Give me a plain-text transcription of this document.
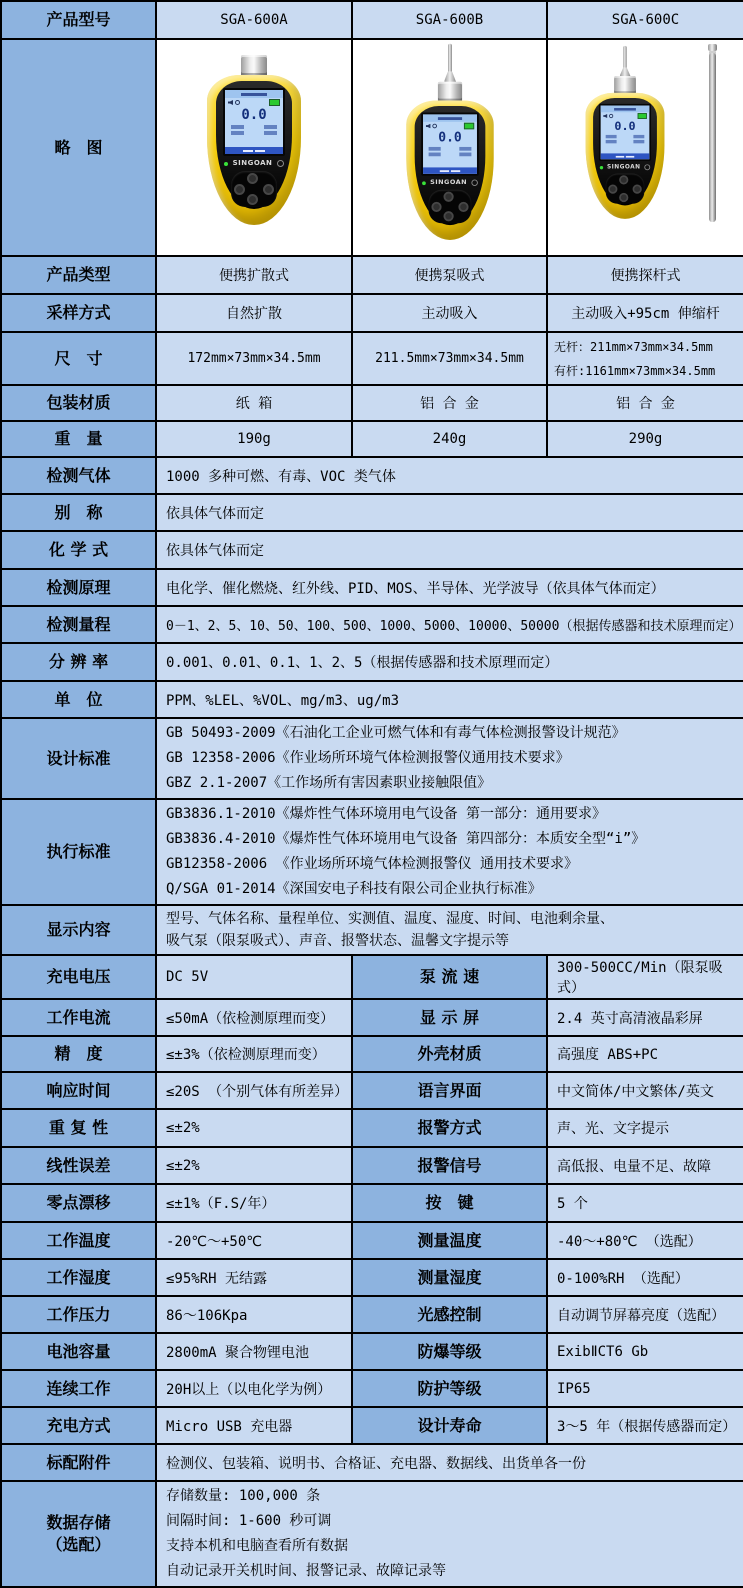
产品型号	SGA-600A	SGA-600B	SGA-600C
略　图	
0.0
SINGOAN

0.0
SINGOAN

0.0
SINGOAN

产品类型	便携扩散式	便携泵吸式	便携探杆式
采样方式	自然扩散	主动吸入	主动吸入+95cm 伸缩杆
尺　寸	172mm×73mm×34.5mm	211.5mm×73mm×34.5mm	无杆：211mm×73mm×34.5mm
有杆:1161mm×73mm×34.5mm

包装材质	纸 箱	铝 合 金	铝 合 金
重　量	190g	240g	290g
检测气体	1000 多种可燃、有毒、VOC 类气体		
别　称	依具体气体而定		
化 学 式	依具体气体而定		
检测原理	电化学、催化燃烧、红外线、PID、MOS、半导体、光学波导（依具体气体而定）		
检测量程	0－1、2、5、10、50、100、500、1000、5000、10000、50000（根据传感器和技术原理而定）		
分 辨 率	0.001、0.01、0.1、1、2、5（根据传感器和技术原理而定）		
单　位	PPM、%LEL、%VOL、mg/m3、ug/m3		
设计标准	GB 50493-2009《石油化工企业可燃气体和有毒气体检测报警设计规范》
GB 12358-2006《作业场所环境气体检测报警仪通用技术要求》
GBZ 2.1-2007《工作场所有害因素职业接触限值》		

执行标准	GB3836.1-2010《爆炸性气体环境用电气设备 第一部分：通用要求》
GB3836.4-2010《爆炸性气体环境用电气设备 第四部分：本质安全型“i”》
GB12358-2006 《作业场所环境气体检测报警仪 通用技术要求》
Q/SGA 01-2014《深国安电子科技有限公司企业执行标准》		

显示内容	型号、气体名称、量程单位、实测值、温度、湿度、时间、电池剩余量、
吸气泵（限泵吸式）、声音、报警状态、温馨文字提示等		

充电电压	DC 5V	泵 流 速	300-500CC/Min（限泵吸式）
工作电流	≤50mA（依检测原理而变）	显 示 屏	2.4 英寸高清液晶彩屏
精　度	≤±3%（依检测原理而变）	外壳材质	高强度 ABS+PC
响应时间	≤20S （个别气体有所差异）	语言界面	中文简体/中文繁体/英文
重 复 性	≤±2%	报警方式	声、光、文字提示
线性误差	≤±2%	报警信号	高低报、电量不足、故障
零点漂移	≤±1%（F.S/年）	按　键	5 个
工作温度	-20℃～+50℃	测量温度	-40～+80℃ （选配）
工作湿度	≤95%RH 无结露	测量湿度	0-100%RH （选配）
工作压力	86～106Kpa	光感控制	自动调节屏幕亮度（选配）
电池容量	2800mA 聚合物锂电池	防爆等级	ExibⅡCT6 Gb
连续工作	20H以上（以电化学为例）	防护等级	IP65
充电方式	Micro USB 充电器	设计寿命	3～5 年（根据传感器而定）
标配附件	检测仪、包装箱、说明书、合格证、充电器、数据线、出货单各一份		

数据存储
（选配）

存储数量: 100,000 条
间隔时间: 1-600 秒可调
支持本机和电脑查看所有数据
自动记录开关机时间、报警记录、故障记录等
